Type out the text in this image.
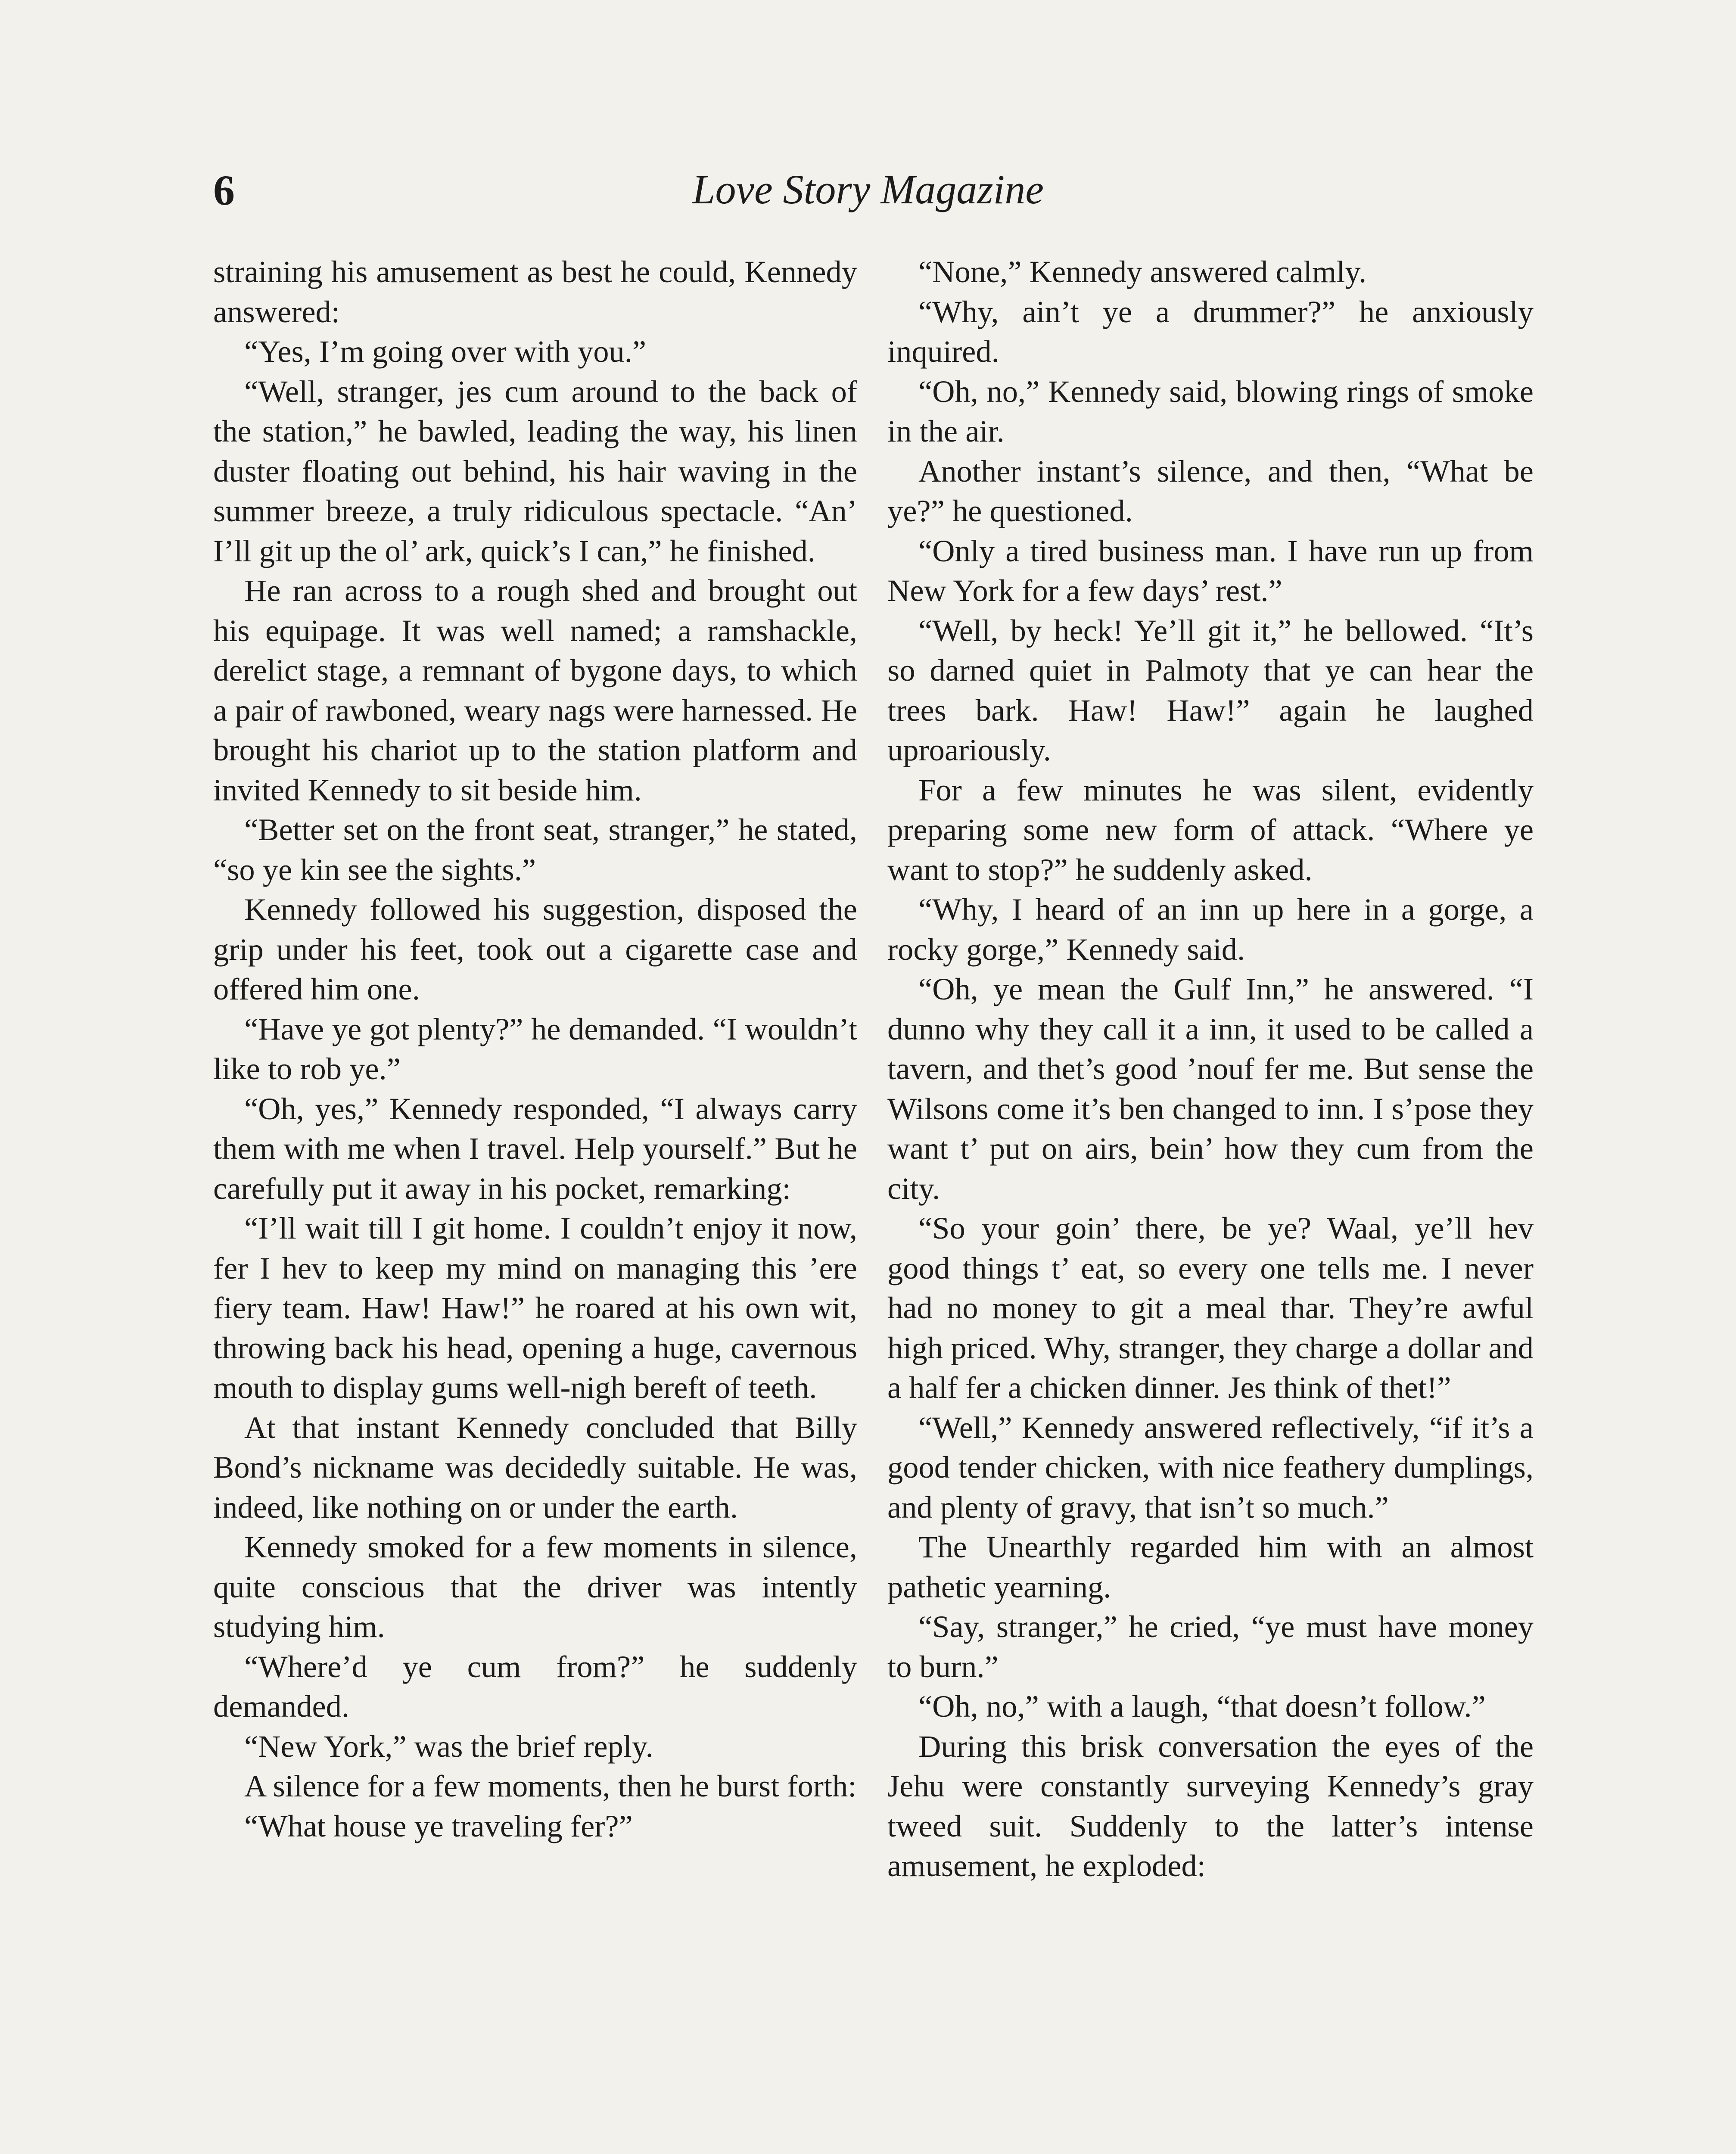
6	Love Story Magazine

straining his amusement as best he could, Kennedy answered:

“Yes, I’m going over with you.”

“Well, stranger, jes cum around to the back of the station,” he bawled, leading the way, his linen duster floating out behind, his hair waving in the summer breeze, a truly ridiculous spectacle. “An’ I’ll git up the ol’ ark, quick’s I can,” he finished.

He ran across to a rough shed and brought out his equipage. It was well named; a ramshackle, derelict stage, a remnant of bygone days, to which a pair of rawboned, weary nags were harnessed. He brought his chariot up to the station platform and invited Kennedy to sit beside him.

“Better set on the front seat, stranger,” he stated, “so ye kin see the sights.”

Kennedy followed his suggestion, disposed the grip under his feet, took out a cigarette case and offered him one.

“Have ye got plenty?” he demanded. “I wouldn’t like to rob ye.”

“Oh, yes,” Kennedy responded, “I always carry them with me when I travel. Help yourself.” But he carefully put it away in his pocket, remarking:

“I’ll wait till I git home. I couldn’t enjoy it now, fer I hev to keep my mind on managing this ’ere fiery team. Haw! Haw!” he roared at his own wit, throwing back his head, opening a huge, cavernous mouth to display gums well-nigh bereft of teeth.

At that instant Kennedy concluded that Billy Bond’s nickname was decidedly suitable. He was, indeed, like nothing on or under the earth.

Kennedy smoked for a few moments in silence, quite conscious that the driver was intently studying him.

“Where’d ye cum from?” he suddenly demanded.

“New York,” was the brief reply.

A silence for a few moments, then he burst forth:

“What house ye traveling fer?”

“None,” Kennedy answered calmly.

“Why, ain’t ye a drummer?” he anxiously inquired.

“Oh, no,” Kennedy said, blowing rings of smoke in the air.

Another instant’s silence, and then, “What be ye?” he questioned.

“Only a tired business man. I have run up from New York for a few days’ rest.”

“Well, by heck! Ye’ll git it,” he bellowed. “It’s so darned quiet in Palmoty that ye can hear the trees bark. Haw! Haw!” again he laughed uproariously.

For a few minutes he was silent, evidently preparing some new form of attack. “Where ye want to stop?” he suddenly asked.

“Why, I heard of an inn up here in a gorge, a rocky gorge,” Kennedy said.

“Oh, ye mean the Gulf Inn,” he answered. “I dunno why they call it a inn, it used to be called a tavern, and thet’s good ’nouf fer me. But sense the Wilsons come it’s ben changed to inn. I s’pose they want t’ put on airs, bein’ how they cum from the city.

“So your goin’ there, be ye? Waal, ye’ll hev good things t’ eat, so every one tells me. I never had no money to git a meal thar. They’re awful high priced. Why, stranger, they charge a dollar and a half fer a chicken dinner. Jes think of thet!”

“Well,” Kennedy answered reflectively, “if it’s a good tender chicken, with nice feathery dumplings, and plenty of gravy, that isn’t so much.”

The Unearthly regarded him with an almost pathetic yearning.

“Say, stranger,” he cried, “ye must have money to burn.”

“Oh, no,” with a laugh, “that doesn’t follow.”

During this brisk conversation the eyes of the Jehu were constantly surveying Kennedy’s gray tweed suit. Suddenly to the latter’s intense amusement, he exploded:
